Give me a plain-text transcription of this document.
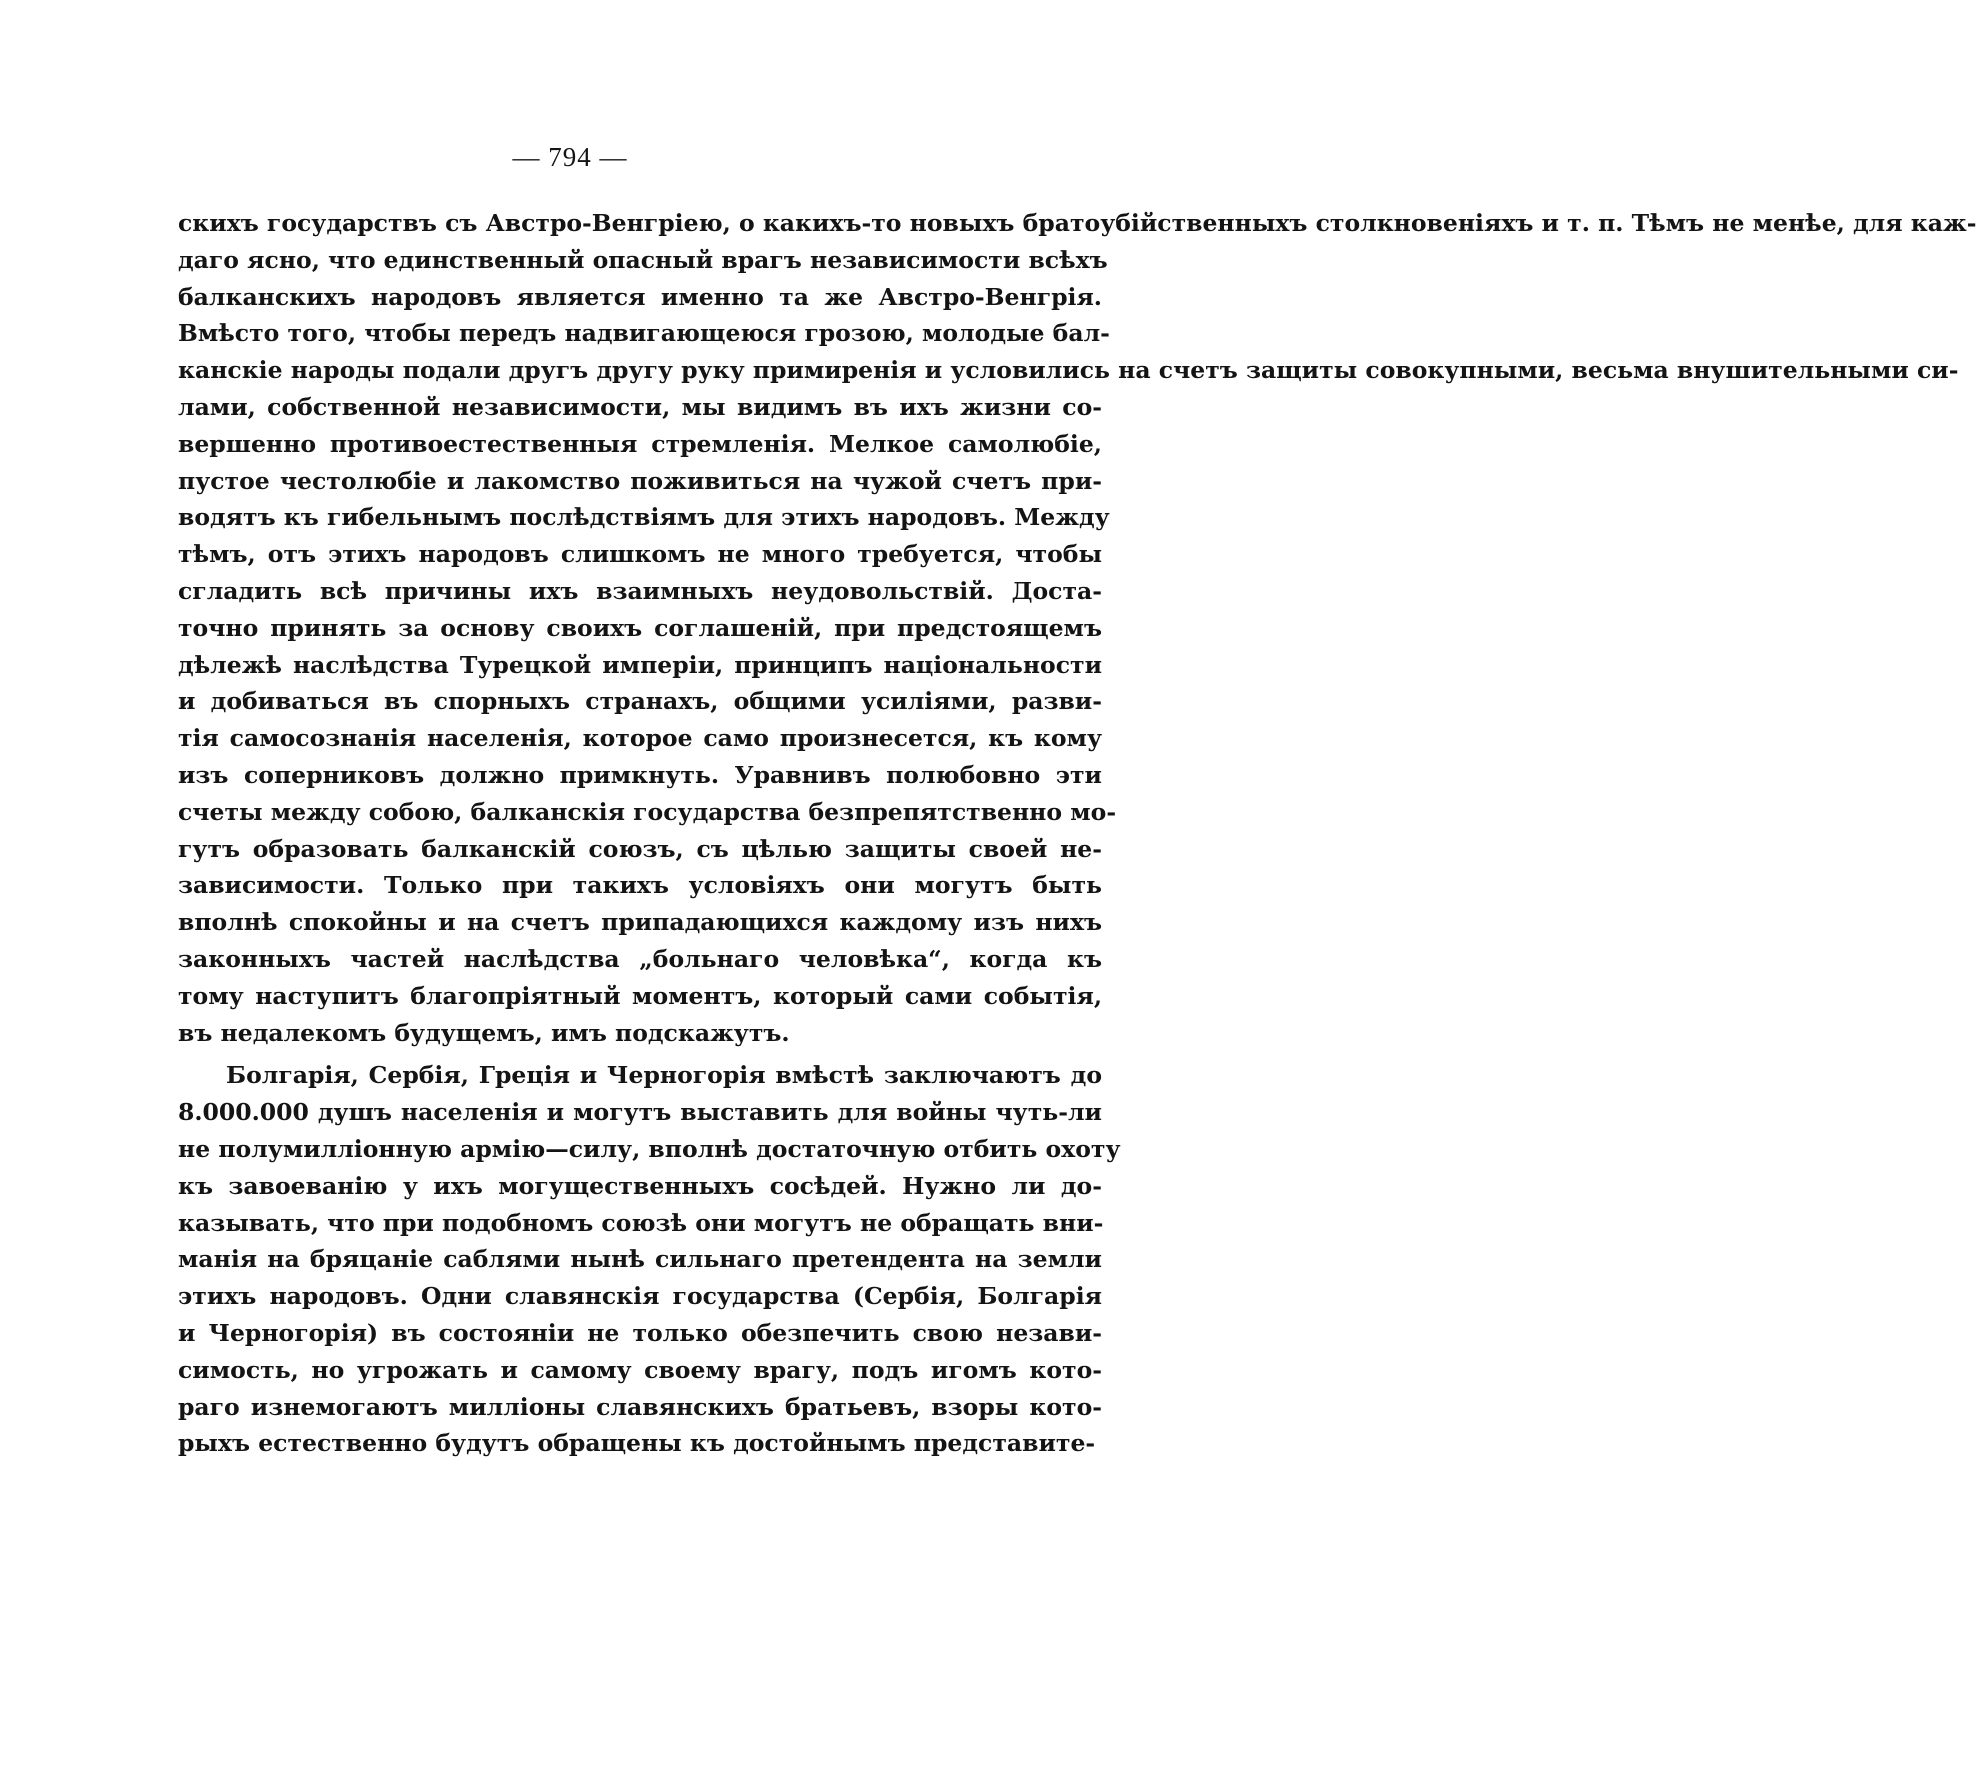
— 794 —
скихъ государствъ съ Австро-Венгріею, о какихъ-то новыхъ братоубійственныхъ столкновеніяхъ и т. п. Тѣмъ не менѣе, для каж-
даго ясно, что единственный опасный врагъ независимости всѣхъ
балканскихъ народовъ является именно та же Австро-Венгрія.
Вмѣсто того, чтобы передъ надвигающеюся грозою, молодые бал-
канскіе народы подали другъ другу руку примиренія и условились на счетъ защиты совокупными, весьма внушительными си-
лами, собственной независимости, мы видимъ въ ихъ жизни со-
вершенно противоестественныя стремленія. Мелкое самолюбіе,
пустое честолюбіе и лакомство поживиться на чужой счетъ при-
водятъ къ гибельнымъ послѣдствіямъ для этихъ народовъ. Между
тѣмъ, отъ этихъ народовъ слишкомъ не много требуется, чтобы
сгладить всѣ причины ихъ взаимныхъ неудовольствій. Доста-
точно принять за основу своихъ соглашеній, при предстоящемъ
дѣлежѣ наслѣдства Турецкой имперіи, принципъ національности
и добиваться въ спорныхъ странахъ, общими усиліями, разви-
тія самосознанія населенія, которое само произнесется, къ кому
изъ соперниковъ должно примкнуть. Уравнивъ полюбовно эти
счеты между собою, балканскія государства безпрепятственно мо-
гутъ образовать балканскій союзъ, съ цѣлью защиты своей не-
зависимости. Только при такихъ условіяхъ они могутъ быть
вполнѣ спокойны и на счетъ припадающихся каждому изъ нихъ
законныхъ частей наслѣдства „больнаго человѣка“, когда къ
тому наступитъ благопріятный моментъ, который сами событія,
въ недалекомъ будущемъ, имъ подскажутъ.
Болгарія, Сербія, Греція и Черногорія вмѣстѣ заключаютъ до
8.000.000 душъ населенія и могутъ выставить для войны чуть-ли
не полумилліонную армію—силу, вполнѣ достаточную отбить охоту
къ завоеванію у ихъ могущественныхъ сосѣдей. Нужно ли до-
казывать, что при подобномъ союзѣ они могутъ не обращать вни-
манія на бряцаніе саблями нынѣ сильнаго претендента на земли
этихъ народовъ. Одни славянскія государства (Сербія, Болгарія
и Черногорія) въ состояніи не только обезпечить свою незави-
симость, но угрожать и самому своему врагу, подъ игомъ кото-
раго изнемогаютъ милліоны славянскихъ братьевъ, взоры кото-
рыхъ естественно будутъ обращены къ достойнымъ представите-
